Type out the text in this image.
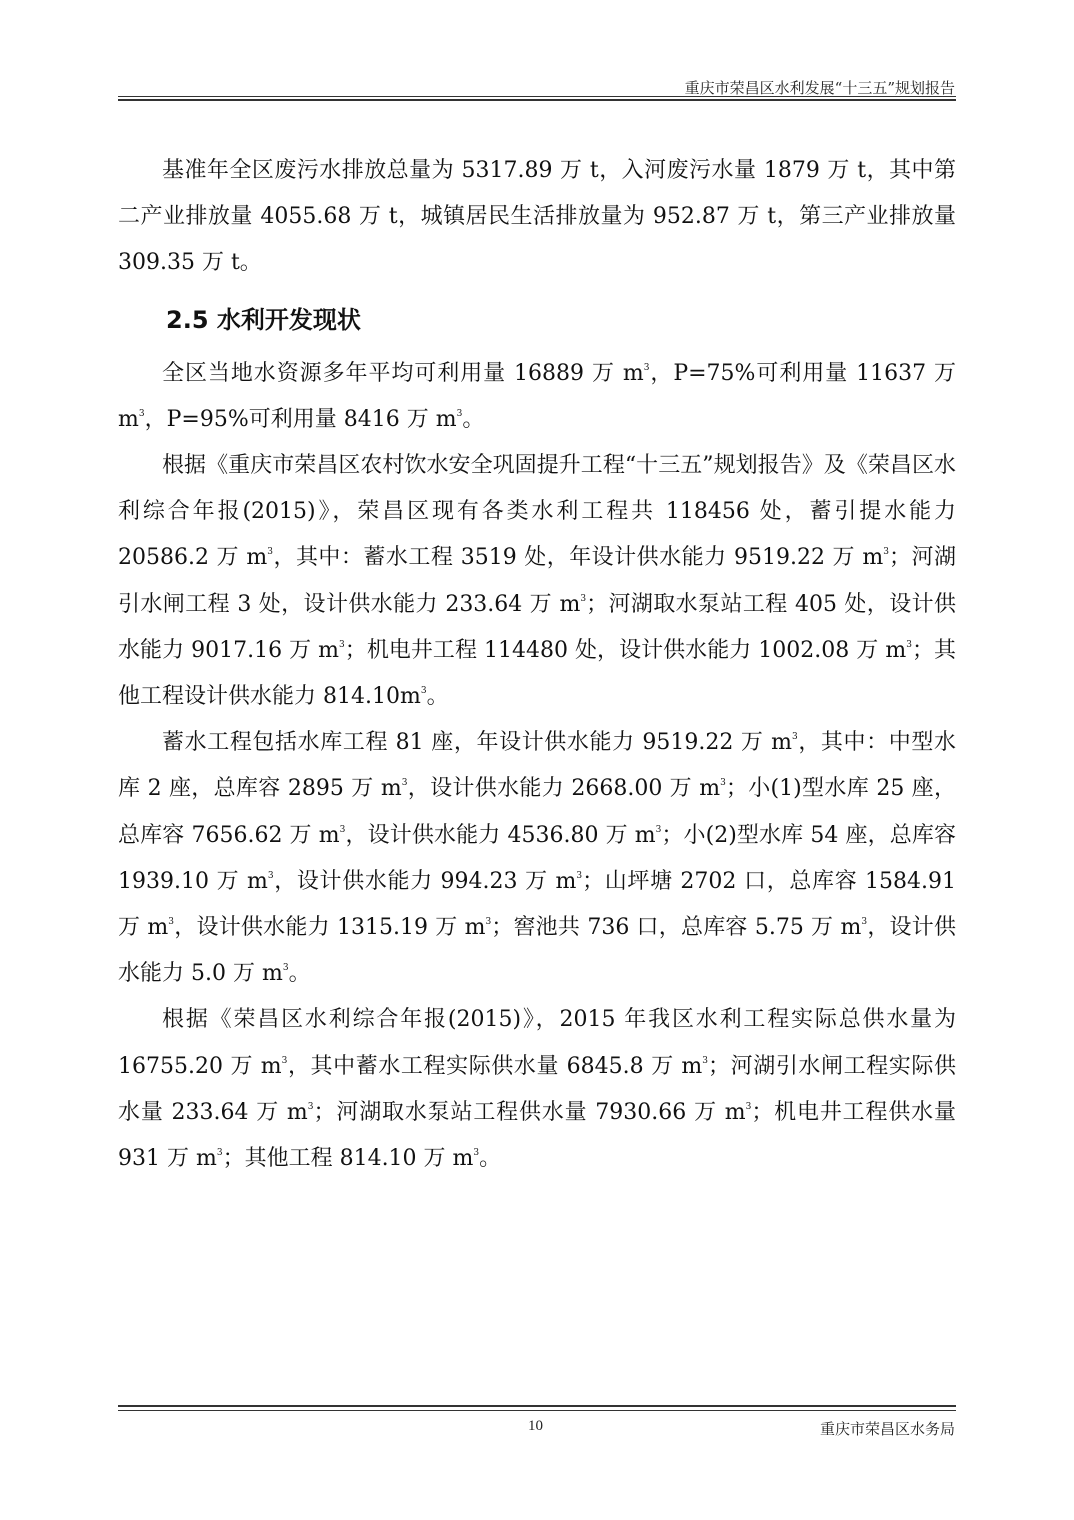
重庆市荣昌区水利发展“十三五”规划报告

基准年全区废污水排放总量为 5317.89 万 t，入河废污水量 1879 万 t，其中第二产业排放量 4055.68 万 t，城镇居民生活排放量为 952.87 万 t，第三产业排放量 309.35 万 t。

2.5 水利开发现状

全区当地水资源多年平均可利用量 16889 万 $m^3$，P=75%可利用量 11637 万 $m^3$，P=95%可利用量 8416 万 $m^3$。

根据《重庆市荣昌区农村饮水安全巩固提升工程“十三五”规划报告》及《荣昌区水利综合年报(2015)》，荣昌区现有各类水利工程共 118456 处，蓄引提水能力 20586.2 万 $m^3$，其中：蓄水工程 3519 处，年设计供水能力 9519.22 万 $m^3$；河湖引水闸工程 3 处，设计供水能力 233.64 万 $m^3$；河湖取水泵站工程 405 处，设计供水能力 9017.16 万 $m^3$；机电井工程 114480 处，设计供水能力 1002.08 万 $m^3$；其他工程设计供水能力 $814.10m^3$。

蓄水工程包括水库工程 81 座，年设计供水能力 9519.22 万 $m^3$，其中：中型水库 2 座，总库容 2895 万 $m^3$，设计供水能力 2668.00 万 $m^3$；小(1)型水库 25 座，总库容 7656.62 万 $m^3$，设计供水能力 4536.80 万 $m^3$；小(2)型水库 54 座，总库容 1939.10 万 $m^3$，设计供水能力 994.23 万 $m^3$；山坪塘 2702 口，总库容 1584.91 万 $m^3$，设计供水能力 1315.19 万 $m^3$；窖池共 736 口，总库容 5.75 万 $m^3$，设计供水能力 5.0 万 $m^3$。

根据《荣昌区水利综合年报(2015)》，2015 年我区水利工程实际总供水量为 16755.20 万 $m^3$，其中蓄水工程实际供水量 6845.8 万 $m^3$；河湖引水闸工程实际供水量 233.64 万 $m^3$；河湖取水泵站工程供水量 7930.66 万 $m^3$；机电井工程供水量 931 万 $m^3$；其他工程 814.10 万 $m^3$。

10	重庆市荣昌区水务局
